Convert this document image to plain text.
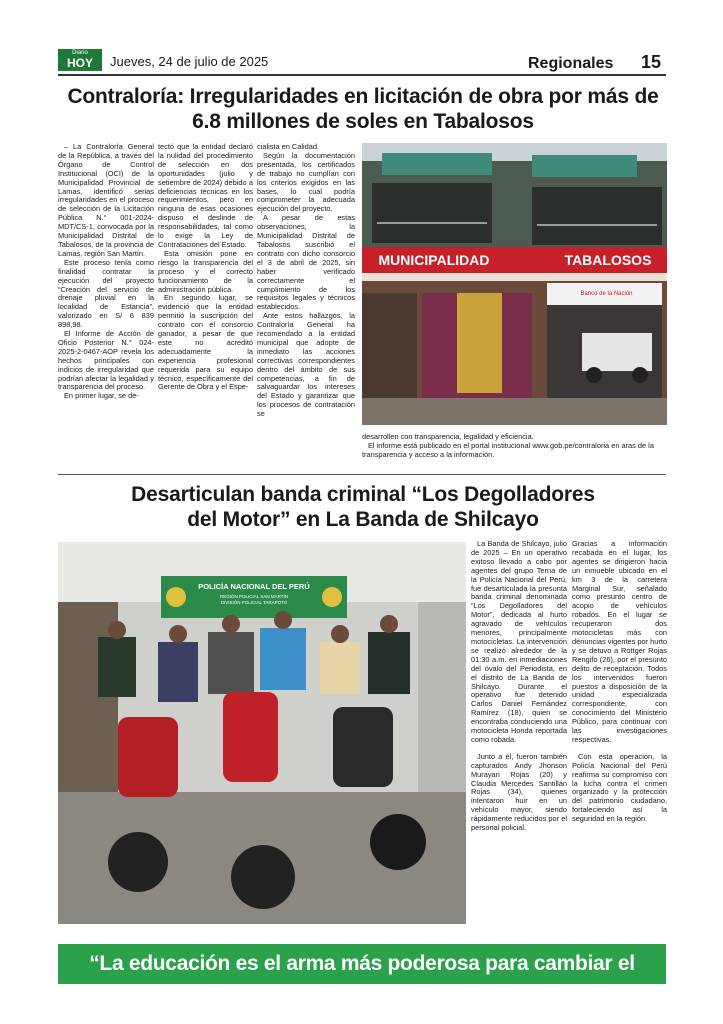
Diario
HOY	Jueves, 24 de julio de 2025	Regionales 15
Contraloría: Irregularidades en licitación de obra por más de
6.8 millones de soles en Tabalosos

– La Contraloría General de la República, a través del Órgano de Control Institucional (OCI) de la Municipalidad Provincial de Lamas, identificó serias irregularidades en el proceso de selección de la Licitación Pública N.° 001-2024-MDT/CS-1, convocada por la Municipalidad Distrital de Tabalosos, de la provincia de Lamas, región San Martín.

Este proceso tenía como finalidad contratar la ejecución del proyecto “Creación del servicio de drenaje pluvial en la localidad de Estancia”, valorizado en S/ 6 839 898,98.

El Informe de Acción de Oficio Posterior N.° 024-2025-2-0467-AOP revela los hechos principales con indicios de irregularidad que podrían afectar la legalidad y transparencia del proceso.

En primer lugar, se de-

tectó que la entidad declaró la nulidad del procedimiento de selección en dos oportunidades (julio y setiembre de 2024) debido a deficiencias técnicas en los requerimientos, pero en ninguna de esas ocasiones dispuso el deslinde de responsabilidades, tal como lo exige la Ley de Contrataciones del Estado.

Esta omisión pone en riesgo la transparencia del proceso y el correcto funcionamiento de la administración pública.

En segundo lugar, se evidenció que la entidad permitió la suscripción del contrato con el consorcio ganador, a pesar de que este no acreditó adecuadamente la experiencia profesional requerida para su equipo técnico, específicamente del Gerente de Obra y el Espe-

cialista en Calidad.

Según la documentación presentada, los certificados de trabajo no cumplían con los criterios exigidos en las bases, lo cual podría comprometer la adecuada ejecución del proyecto.

A pesar de estas observaciones, la Municipalidad Distrital de Tabalosos suscribió el contrato con dicho consorcio el 3 de abril de 2025, sin haber verificado correctamente el cumplimiento de los requisitos legales y técnicos establecidos.

Ante estos hallazgos, la Contraloría General ha recomendado a la entidad municipal que adopte de inmediato las acciones correctivas correspondientes dentro del ámbito de sus competencias, a fin de salvaguardar los intereses del Estado y garantizar que los procesos de contratación se

MUNICIPALIDAD	TABALOSOS
Banco de la Nación
desarrollen con transparencia, legalidad y eficiencia.
El informe está publicado en el portal institucional www.gob.pe/contraloria en aras de la transparencia y acceso a la información.
Desarticulan banda criminal “Los Degolladores
del Motor” en La Banda de Shilcayo
POLICÍA NACIONAL DEL PERÚ
REGIÓN POLICIAL SAN MARTÍN
DIVISIÓN POLICIAL TARAPOTO

La Banda de Shilcayo, julio de 2025 – En un operativo exitoso llevado a cabo por agentes del grupo Terna de la Policía Nacional del Perú, fue desarticulada la presunta banda criminal denominada “Los Degolladores del Motor”, dedicada al hurto agravado de vehículos menores, principalmente motocicletas. La intervención se realizó alrededor de la 01:30 a.m. en inmediaciones del óvalo del Periodista, en el distrito de La Banda de Shilcayo. Durante el operativo fue detenido Carlos Daniel Fernández Ramírez (18), quien se encontraba conduciendo una motocicleta Honda reportada como robada.

Junto a él, fueron también capturados Andy Jhonson Murayari Rojas (20) y Claudia Mercedes Santillán Rojas (34), quienes intentaron huir en un vehículo mayor, siendo rápidamente reducidos por el personal policial.

Gracias a información recabada en el lugar, los agentes se dirigieron hacia un inmueble ubicado en el km 3 de la carretera Marginal Sur, señalado como presunto centro de acopio de vehículos robados. En el lugar se recuperaron dos motocicletas más con denuncias vigentes por hurto y se detuvo a Rottger Rojas Rengifo (26), por el presunto delito de receptación. Todos los intervenidos fueron puestos a disposición de la unidad especializada correspondiente, con conocimiento del Ministerio Público, para continuar con las investigaciones respectivas.

Con esta operación, la Policía Nacional del Perú reafirma su compromiso con la lucha contra el crimen organizado y la protección del patrimonio ciudadano, fortaleciendo así la seguridad en la región.

“La educación es el arma más poderosa para cambiar el mundo”
